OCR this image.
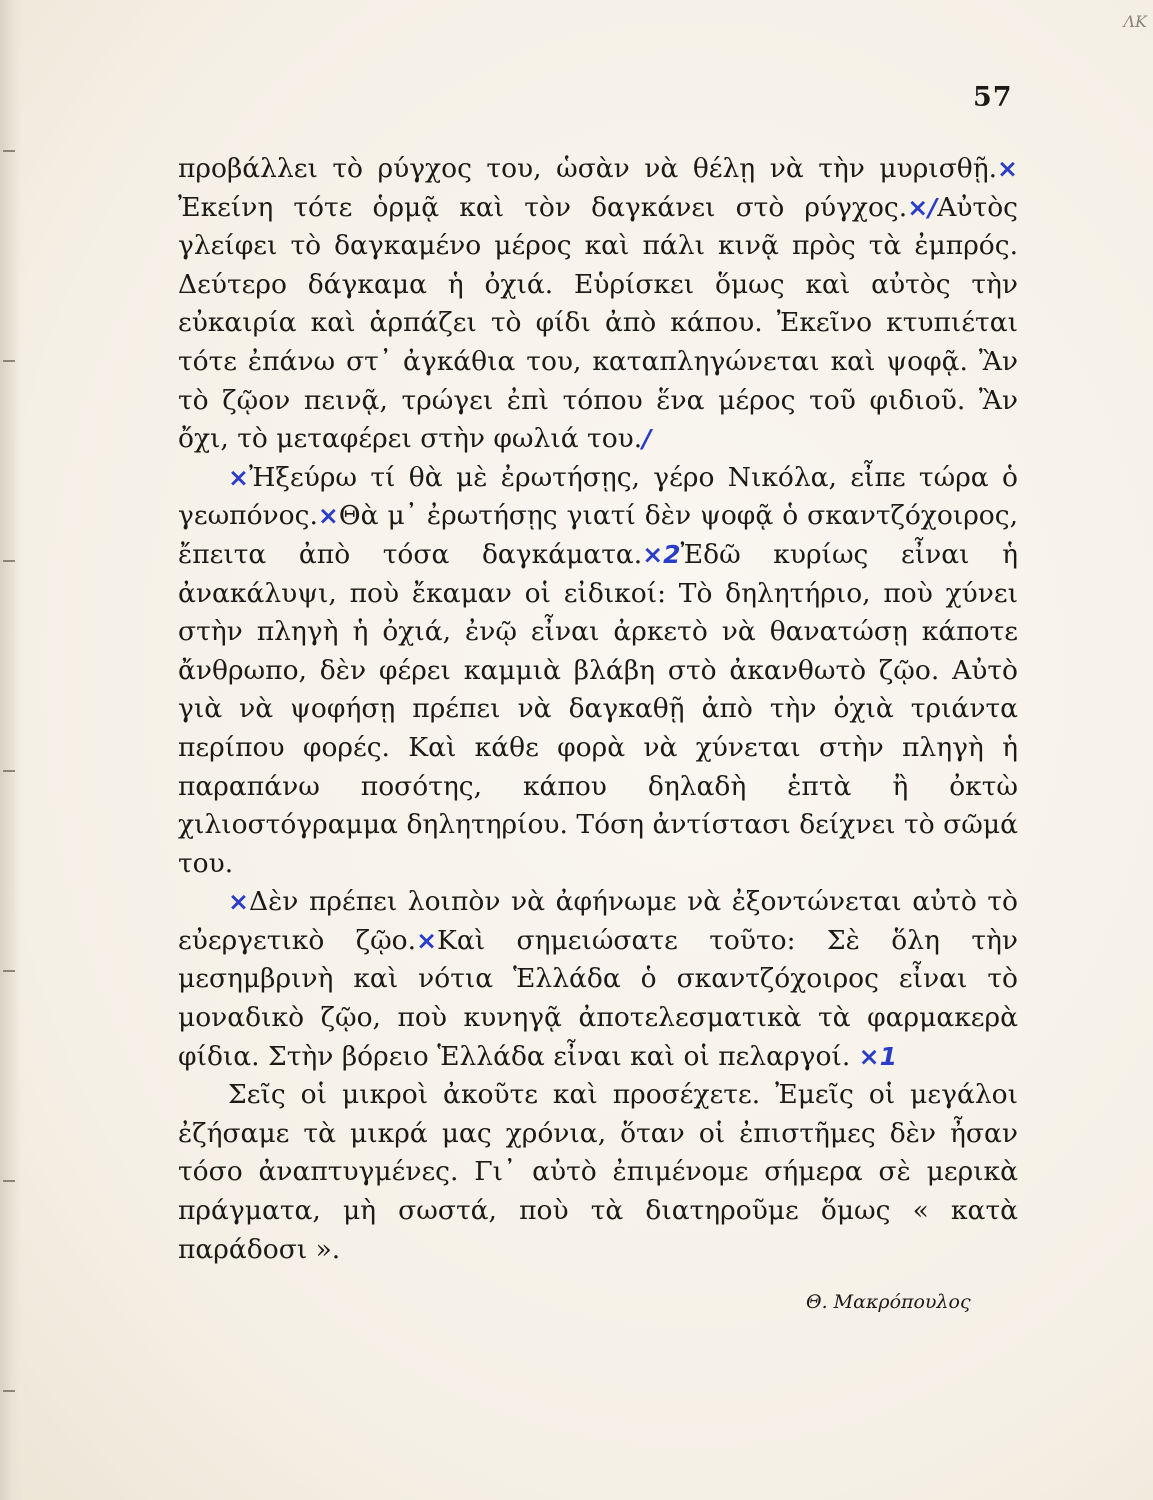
ΛΚ
57

προβάλλει τὸ ρύγχος του, ὡσὰν νὰ θέλῃ νὰ τὴν μυρισθῇ.× Ἐκείνη τότε ὁρμᾷ καὶ τὸν δαγκάνει στὸ ρύγχος.×/Αὐτὸς γλείφει τὸ δαγκαμένο μέρος καὶ πάλι κινᾷ πρὸς τὰ ἐμπρός. Δεύτερο δάγκαμα ἡ ὀχιά. Εὑρίσκει ὅμως καὶ αὐτὸς τὴν εὐκαιρία καὶ ἁρπάζει τὸ φίδι ἀπὸ κάπου. Ἐκεῖνο κτυπιέται τότε ἐπάνω στ᾿ ἀγκάθια του, καταπληγώνεται καὶ ψοφᾷ. Ἂν τὸ ζῷον πεινᾷ, τρώγει ἐπὶ τόπου ἕνα μέρος τοῦ φιδιοῦ. Ἂν ὄχι, τὸ μεταφέρει στὴν φωλιά του./

×Ἠξεύρω τί θὰ μὲ ἐρωτήσῃς, γέρο Νικόλα, εἶπε τώρα ὁ γεωπόνος.×Θὰ μ᾿ ἐρωτήσῃς γιατί δὲν ψοφᾷ ὁ σκαντζόχοιρος, ἔπειτα ἀπὸ τόσα δαγκάματα.×2Ἐδῶ κυρίως εἶναι ἡ ἀνακάλυψι, ποὺ ἔκαμαν οἱ εἰδικοί: Τὸ δηλητήριο, ποὺ χύνει στὴν πληγὴ ἡ ὀχιά, ἐνῷ εἶναι ἀρκετὸ νὰ θανατώσῃ κάποτε ἄνθρωπο, δὲν φέρει καμμιὰ βλάβη στὸ ἀκανθωτὸ ζῷο. Αὐτὸ γιὰ νὰ ψοφήσῃ πρέπει νὰ δαγκαθῇ ἀπὸ τὴν ὀχιὰ τριάντα περίπου φορές. Καὶ κάθε φορὰ νὰ χύνεται στὴν πληγὴ ἡ παραπάνω ποσότης, κάπου δηλαδὴ ἑπτὰ ἢ ὀκτὼ χιλιοστόγραμμα δηλητηρίου. Τόση ἀντίστασι δείχνει τὸ σῶμά του.

×Δὲν πρέπει λοιπὸν νὰ ἀφήνωμε νὰ ἐξοντώνεται αὐτὸ τὸ εὐεργετικὸ ζῷο.×Καὶ σημειώσατε τοῦτο: Σὲ ὅλη τὴν μεσημβρινὴ καὶ νότια Ἑλλάδα ὁ σκαντζόχοιρος εἶναι τὸ μοναδικὸ ζῷο, ποὺ κυνηγᾷ ἀποτελεσματικὰ τὰ φαρμακερὰ φίδια. Στὴν βόρειο Ἑλλάδα εἶναι καὶ οἱ πελαργοί. ×1

Σεῖς οἱ μικροὶ ἀκοῦτε καὶ προσέχετε. Ἐμεῖς οἱ μεγάλοι ἐζήσαμε τὰ μικρά μας χρόνια, ὅταν οἱ ἐπιστῆμες δὲν ἦσαν τόσο ἀναπτυγμένες. Γι᾿ αὐτὸ ἐπιμένομε σήμερα σὲ μερικὰ πράγματα, μὴ σωστά, ποὺ τὰ διατηροῦμε ὅμως « κατὰ παράδοσι ».

Θ. Μακρόπουλος
